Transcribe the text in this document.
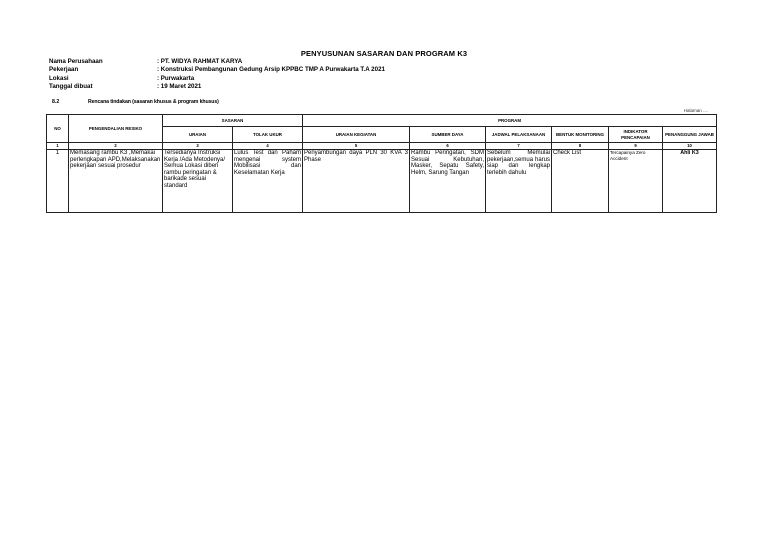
PENYUSUNAN SASARAN DAN PROGRAM K3
Nama Perusahaan	: PT. WIDYA RAHMAT KARYA
Pekerjaan	: Konstruksi Pembangunan Gedung Arsip KPPBC TMP A Purwakarta T.A 2021
Lokasi	: Purwakarta
Tanggal dibuat	: 19 Maret 2021
8.2	Rencana tindakan (sasaran khusus & program khusus)
Halaman ....
NO	PENGENDALIAN RESIKO	SASARAN		PROGRAM					
		URAIAN	TOLAK UKUR	URAIAN KEGIATAN	SUMBER DAYA	JADWAL PELAKSANAAN	BENTUK MONITORING	INDIKATOR PENCAPAIAN	PENANGGUNG JAWAB
1	2	3	4	5	6	7	8	9	10
1	Memasang rambu K3 ,Memakai perlengkapan APD,Melaksanakan pekerjaan sesuai prosedur	Tersedianya Instruksi Kerja /Ada Metodenya/ Semua Lokasi diberi rambu peringatan & barikade sesuai standard	Lulus Test dan Paham mengenai system Mobilisasi dan Keselamatan Kerja	Penyambungan daya PLN 30 KVA 3 Phase	Rambu Peringatan, SDM Sesuai Kebutuhan, Masker, Sepatu Safety, Helm, Sarung Tangan	Sebelum Memulai pekerjaan,semua harus siap dan lengkap terlebih dahulu	Check List	Tercapainya Zero Accident	Ahli K3
